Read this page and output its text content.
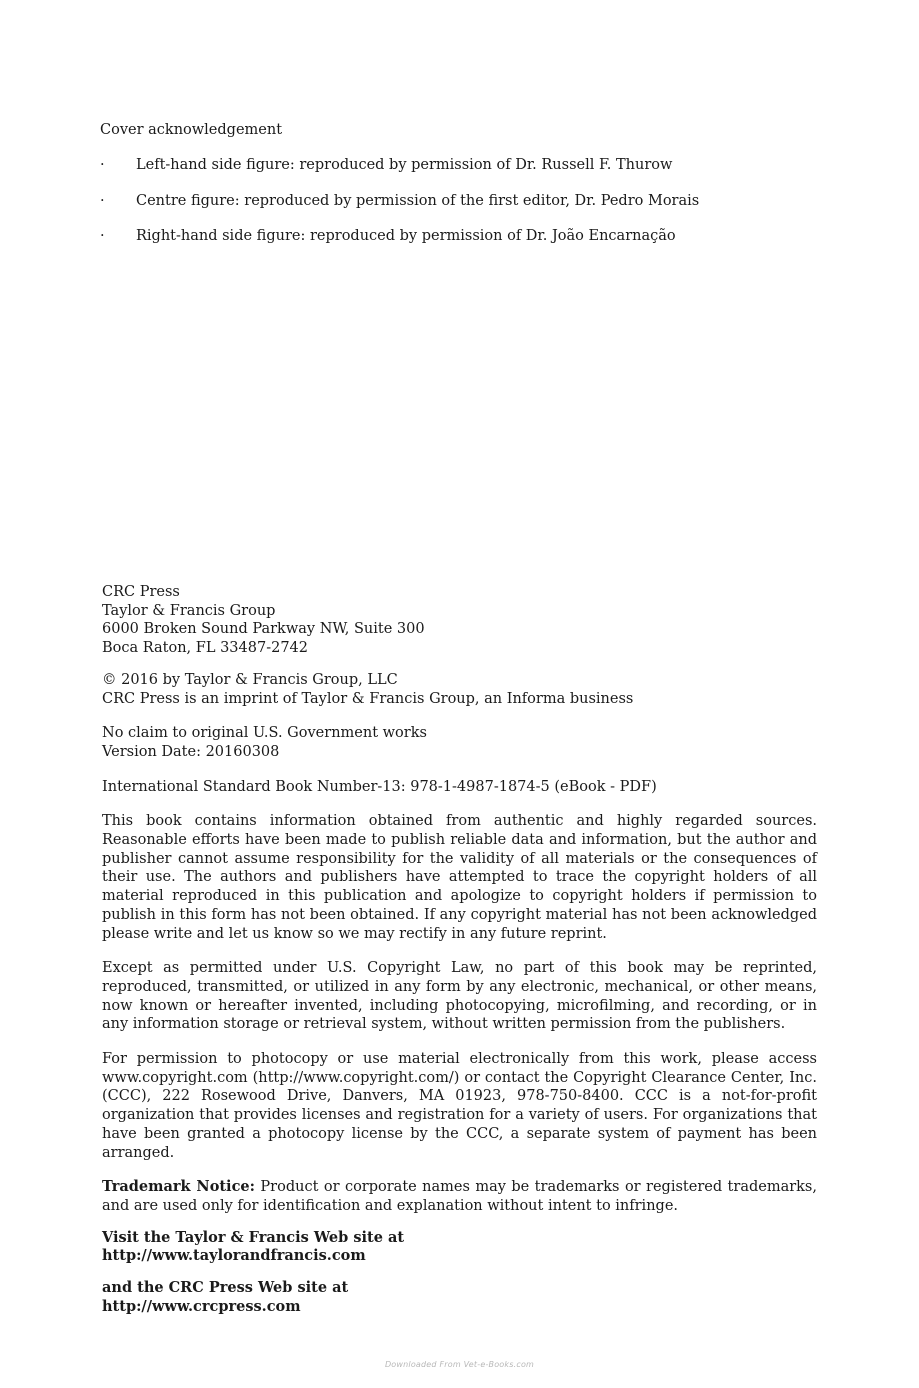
Cover acknowledgement

· Left-hand side figure: reproduced by permission of Dr. Russell F. Thurow
· Centre figure: reproduced by permission of the first editor, Dr. Pedro Morais
· Right-hand side figure: reproduced by permission of Dr. João Encarnação

CRC Press

Taylor & Francis Group

6000 Broken Sound Parkway NW, Suite 300

Boca Raton, FL 33487-2742

© 2016 by Taylor & Francis Group, LLC

CRC Press is an imprint of Taylor & Francis Group, an Informa business

No claim to original U.S. Government works

Version Date: 20160308

International Standard Book Number-13: 978-1-4987-1874-5 (eBook - PDF)

This book contains information obtained from authentic and highly regarded sources. Reasonable efforts have been made to publish reliable data and information, but the author and publisher cannot assume responsibility for the validity of all materials or the consequences of their use. The authors and publishers have attempted to trace the copyright holders of all material reproduced in this publication and apologize to copyright holders if permission to publish in this form has not been obtained. If any copyright material has not been acknowledged please write and let us know so we may rectify in any future reprint.

Except as permitted under U.S. Copyright Law, no part of this book may be reprinted, reproduced, transmitted, or utilized in any form by any electronic, mechanical, or other means, now known or hereafter invented, including photocopying, microfilming, and recording, or in any information storage or retrieval system, without written permission from the publishers.

For permission to photocopy or use material electronically from this work, please access www.copyright.com (http://www.copyright.com/) or contact the Copyright Clearance Center, Inc. (CCC), 222 Rosewood Drive, Danvers, MA 01923, 978-750-8400. CCC is a not-for-profit organization that provides licenses and registration for a variety of users. For organizations that have been granted a photocopy license by the CCC, a separate system of payment has been arranged.

Trademark Notice: Product or corporate names may be trademarks or registered trademarks, and are used only for identification and explanation without intent to infringe.

Visit the Taylor & Francis Web site at

http://www.taylorandfrancis.com

and the CRC Press Web site at

http://www.crcpress.com

Downloaded From Vet-e-Books.com
